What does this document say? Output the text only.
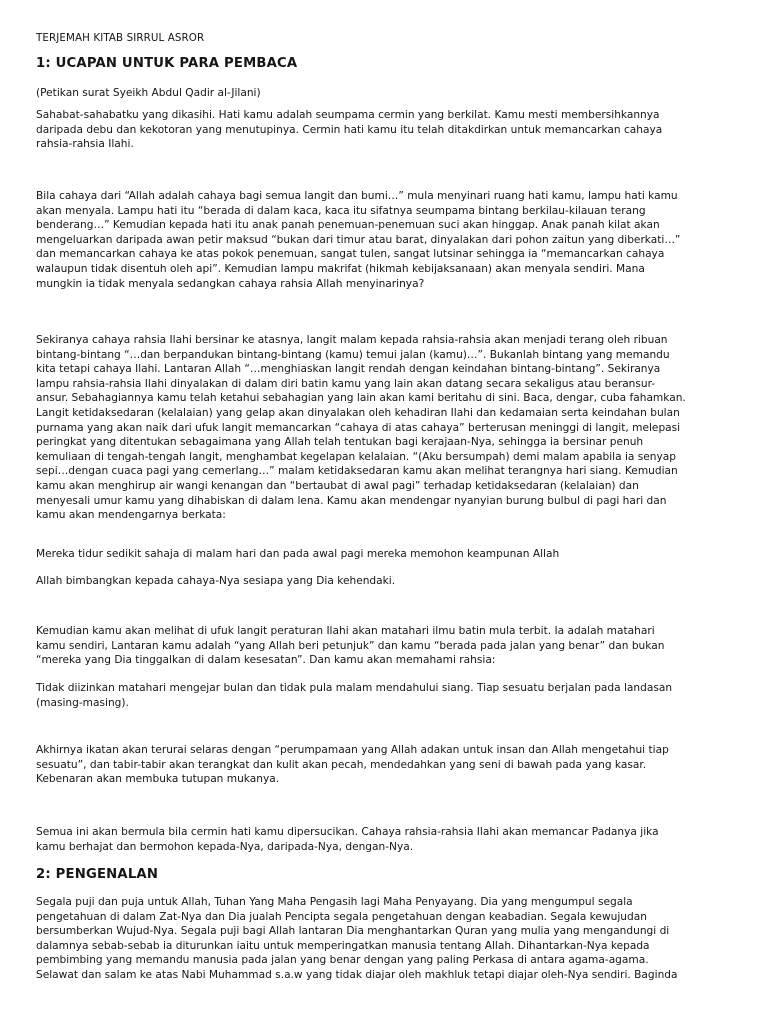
TERJEMAH KITAB SIRRUL ASROR
1: UCAPAN UNTUK PARA PEMBACA
(Petikan surat Syeikh Abdul Qadir al-Jilani)

Sahabat-sahabatku yang dikasihi. Hati kamu adalah seumpama cermin yang berkilat. Kamu mesti membersihkannya
daripada debu dan kekotoran yang menutupinya. Cermin hati kamu itu telah ditakdirkan untuk memancarkan cahaya
rahsia-rahsia Ilahi.

Bila cahaya dari “Allah adalah cahaya bagi semua langit dan bumi…” mula menyinari ruang hati kamu, lampu hati kamu
akan menyala. Lampu hati itu “berada di dalam kaca, kaca itu sifatnya seumpama bintang berkilau-kilauan terang
benderang…” Kemudian kepada hati itu anak panah penemuan-penemuan suci akan hinggap. Anak panah kilat akan
mengeluarkan daripada awan petir maksud “bukan dari timur atau barat, dinyalakan dari pohon zaitun yang diberkati…”
dan memancarkan cahaya ke atas pokok penemuan, sangat tulen, sangat lutsinar sehingga ia “memancarkan cahaya
walaupun tidak disentuh oleh api”. Kemudian lampu makrifat (hikmah kebijaksanaan) akan menyala sendiri. Mana
mungkin ia tidak menyala sedangkan cahaya rahsia Allah menyinarinya?

Sekiranya cahaya rahsia Ilahi bersinar ke atasnya, langit malam kepada rahsia-rahsia akan menjadi terang oleh ribuan
bintang-bintang “…dan berpandukan bintang-bintang (kamu) temui jalan (kamu)…”. Bukanlah bintang yang memandu
kita tetapi cahaya Ilahi. Lantaran Allah “…menghiaskan langit rendah dengan keindahan bintang-bintang”. Sekiranya
lampu rahsia-rahsia Ilahi dinyalakan di dalam diri batin kamu yang lain akan datang secara sekaligus atau beransur-
ansur. Sebahagiannya kamu telah ketahui sebahagian yang lain akan kami beritahu di sini. Baca, dengar, cuba fahamkan.
Langit ketidaksedaran (kelalaian) yang gelap akan dinyalakan oleh kehadiran Ilahi dan kedamaian serta keindahan bulan
purnama yang akan naik dari ufuk langit memancarkan “cahaya di atas cahaya” berterusan meninggi di langit, melepasi
peringkat yang ditentukan sebagaimana yang Allah telah tentukan bagi kerajaan-Nya, sehingga ia bersinar penuh
kemuliaan di tengah-tengah langit, menghambat kegelapan kelalaian. “(Aku bersumpah) demi malam apabila ia senyap
sepi…dengan cuaca pagi yang cemerlang…” malam ketidaksedaran kamu akan melihat terangnya hari siang. Kemudian
kamu akan menghirup air wangi kenangan dan “bertaubat di awal pagi” terhadap ketidaksedaran (kelalaian) dan
menyesali umur kamu yang dihabiskan di dalam lena. Kamu akan mendengar nyanyian burung bulbul di pagi hari dan
kamu akan mendengarnya berkata:

Mereka tidur sedikit sahaja di malam hari dan pada awal pagi mereka memohon keampunan Allah

Allah bimbangkan kepada cahaya-Nya sesiapa yang Dia kehendaki.

Kemudian kamu akan melihat di ufuk langit peraturan Ilahi akan matahari ilmu batin mula terbit. Ia adalah matahari
kamu sendiri, Lantaran kamu adalah “yang Allah beri petunjuk” dan kamu “berada pada jalan yang benar” dan bukan
“mereka yang Dia tinggalkan di dalam kesesatan”. Dan kamu akan memahami rahsia:

Tidak diizinkan matahari mengejar bulan dan tidak pula malam mendahului siang. Tiap sesuatu berjalan pada landasan
(masing-masing).

Akhirnya ikatan akan terurai selaras dengan “perumpamaan yang Allah adakan untuk insan dan Allah mengetahui tiap
sesuatu”, dan tabir-tabir akan terangkat dan kulit akan pecah, mendedahkan yang seni di bawah pada yang kasar.
Kebenaran akan membuka tutupan mukanya.

Semua ini akan bermula bila cermin hati kamu dipersucikan. Cahaya rahsia-rahsia Ilahi akan memancar Padanya jika
kamu berhajat dan bermohon kepada-Nya, daripada-Nya, dengan-Nya.

2: PENGENALAN

Segala puji dan puja untuk Allah, Tuhan Yang Maha Pengasih lagi Maha Penyayang. Dia yang mengumpul segala
pengetahuan di dalam Zat-Nya dan Dia jualah Pencipta segala pengetahuan dengan keabadian. Segala kewujudan
bersumberkan Wujud-Nya. Segala puji bagi Allah lantaran Dia menghantarkan Quran yang mulia yang mengandungi di
dalamnya sebab-sebab ia diturunkan iaitu untuk memperingatkan manusia tentang Allah. Dihantarkan-Nya kepada
pembimbing yang memandu manusia pada jalan yang benar dengan yang paling Perkasa di antara agama-agama.
Selawat dan salam ke atas Nabi Muhammad s.a.w yang tidak diajar oleh makhluk tetapi diajar oleh-Nya sendiri. Baginda
